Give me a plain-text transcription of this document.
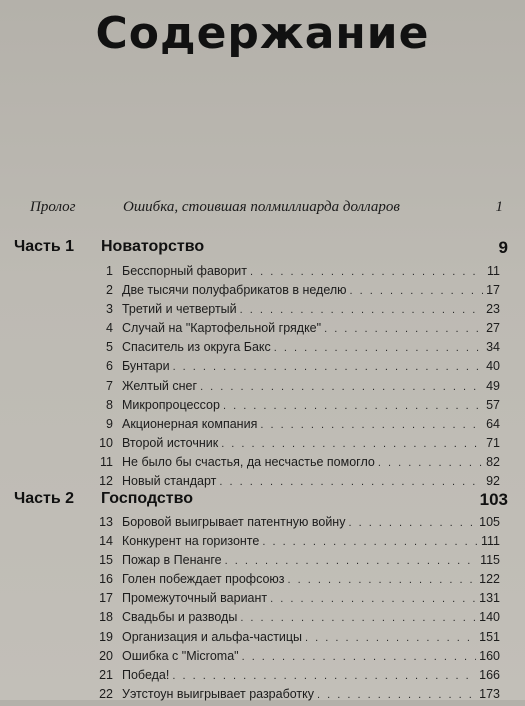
Содержание
Пролог	Ошибка, стоившая полмиллиарда долларов	1
Часть 1 Новаторство	9
1 Бесспорный фаворит . . .	11
2 Две тысячи полуфабрикатов в неделю . . .	17
3 Третий и четвертый . . .	23
4 Случай на "Картофельной грядке" . . .	27
5 Спаситель из округа Бакс . . .	34
6 Бунтари . . .	40
7 Желтый снег . . .	49
8 Микропроцессор . . .	57
9 Акционерная компания . . .	64
10 Второй источник . . .	71
11 Не было бы счастья, да несчастье помогло . . .	82
12 Новый стандарт . . .	92
Часть 2 Господство	103
13 Боровой выигрывает патентную войну . . .	105
14 Конкурент на горизонте . . .	111
15 Пожар в Пенанге . . .	115
16 Голен побеждает профсоюз . . .	122
17 Промежуточный вариант . . .	131
18 Свадьбы и разводы . . .	140
19 Организация и альфа-частицы . . .	151
20 Ошибка с "Microma" . . .	160
21 Победа! . . .	166
22 Уэтстоун выигрывает разработку . . .	173
